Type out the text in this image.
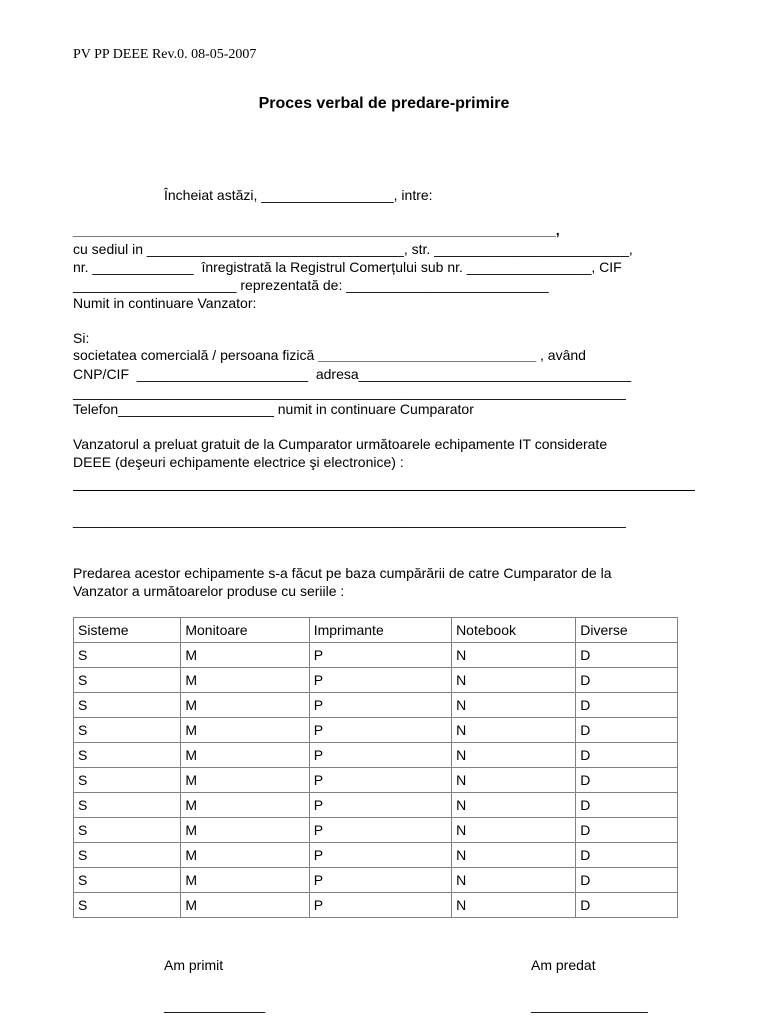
PV PP DEEE Rev.0. 08-05-2007
Proces verbal de predare-primire
Încheiat astăzi, _________________, intre:
______________________________________________________________,
cu sediul in _________________________________, str. _________________________,
nr. _____________  înregistrată la Registrul Comerțului sub nr. ________________, CIF
_____________________ reprezentată de: __________________________
Numit in continuare Vanzator:
Si:
societatea comercială / persoana fizică ____________________________ , având
CNP/CIF  ______________________  adresa___________________________________
_______________________________________________________________________
Telefon____________________ numit in continuare Cumparator
Vanzatorul a preluat gratuit de la Cumparator următoarele echipamente IT considerate
DEEE (deşeuri echipamente electrice şi electronice) :
_______________________________________________________________________
Predarea acestor echipamente s-a făcut pe baza cumpărării de catre Cumparator de la
Vanzator a următoarelor produse cu seriile :
Sisteme	Monitoare	Imprimante	Notebook	Diverse
S	M	P	N	D
S	M	P	N	D
S	M	P	N	D
S	M	P	N	D
S	M	P	N	D
S	M	P	N	D
S	M	P	N	D
S	M	P	N	D
S	M	P	N	D
S	M	P	N	D
S	M	P	N	D
Am primit	Am predat
_____________	_______________
